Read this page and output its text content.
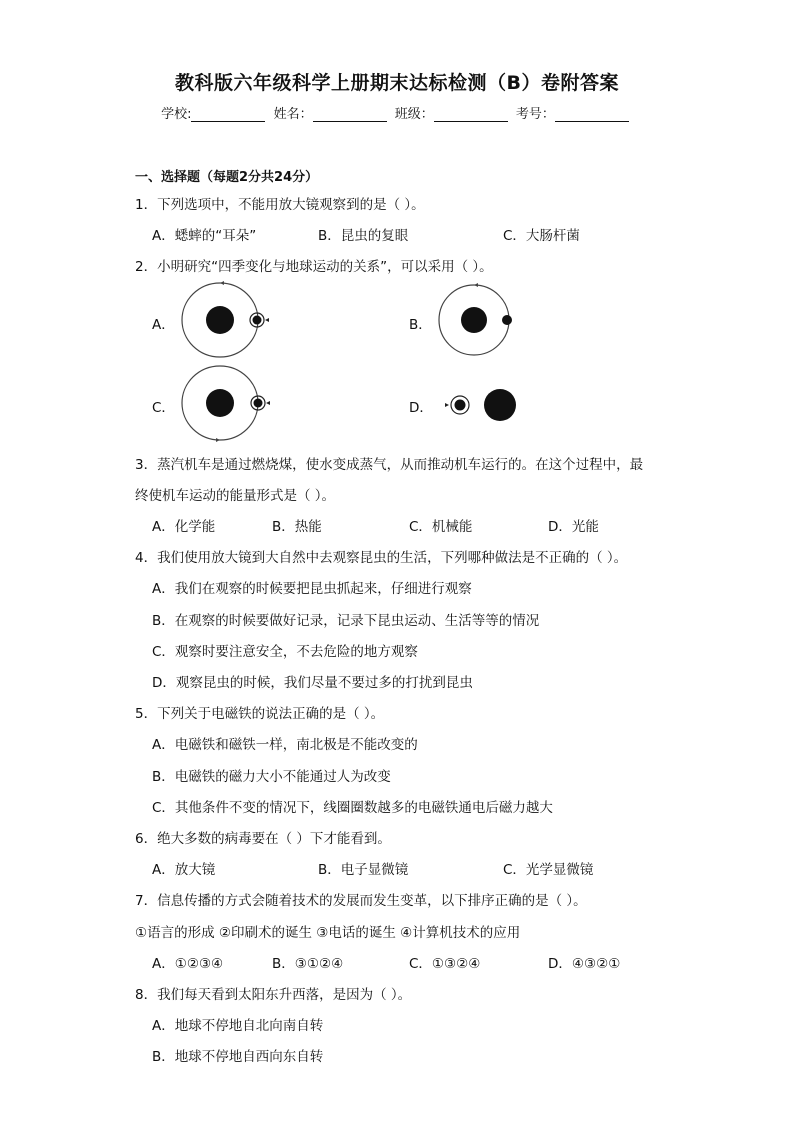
教科版六年级科学上册期末达标检测（B）卷附答案
学校:	姓名：	班级：	考号：
一、选择题（每题2分共24分）
1．下列选项中，不能用放大镜观察到的是（ ）。
A．蟋蟀的“耳朵”	B．昆虫的复眼	C．大肠杆菌
2．小明研究“四季变化与地球运动的关系”，可以采用（ ）。
A．	B．
C．	D．
3．蒸汽机车是通过燃烧煤，使水变成蒸气，从而推动机车运行的。在这个过程中，最
终使机车运动的能量形式是（ ）。
A．化学能	B．热能	C．机械能	D．光能
4．我们使用放大镜到大自然中去观察昆虫的生活，下列哪种做法是不正确的（ ）。
A．我们在观察的时候要把昆虫抓起来，仔细进行观察
B．在观察的时候要做好记录，记录下昆虫运动、生活等等的情况
C．观察时要注意安全，不去危险的地方观察
D．观察昆虫的时候，我们尽量不要过多的打扰到昆虫
5．下列关于电磁铁的说法正确的是（ ）。
A．电磁铁和磁铁一样，南北极是不能改变的
B．电磁铁的磁力大小不能通过人为改变
C．其他条件不变的情况下，线圈圈数越多的电磁铁通电后磁力越大
6．绝大多数的病毒要在（ ）下才能看到。
A．放大镜	B．电子显微镜	C．光学显微镜
7．信息传播的方式会随着技术的发展而发生变革，以下排序正确的是（ ）。
①语言的形成 ②印刷术的诞生 ③电话的诞生 ④计算机技术的应用
A．①②③④	B．③①②④	C．①③②④	D．④③②①
8．我们每天看到太阳东升西落，是因为（ ）。
A．地球不停地自北向南自转
B．地球不停地自西向东自转
